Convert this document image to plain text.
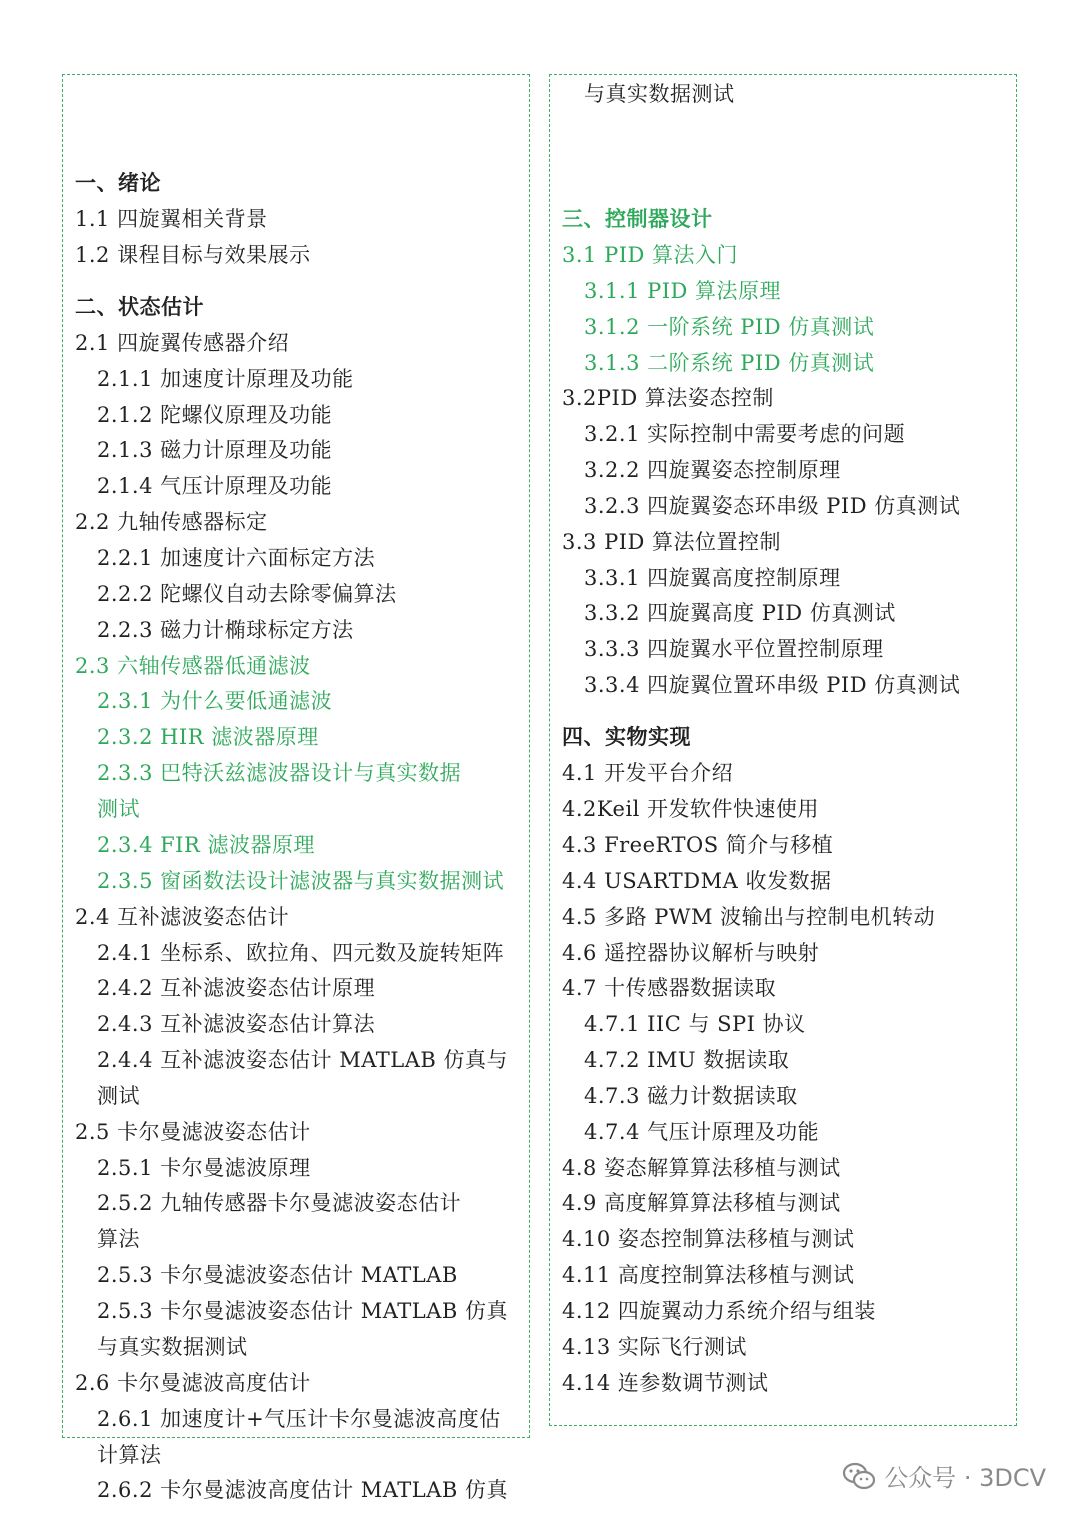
一、绪论
1.1 四旋翼相关背景
1.2 课程目标与效果展示
二、状态估计
2.1 四旋翼传感器介绍
2.1.1 加速度计原理及功能
2.1.2 陀螺仪原理及功能
2.1.3 磁力计原理及功能
2.1.4 气压计原理及功能
2.2 九轴传感器标定
2.2.1 加速度计六面标定方法
2.2.2 陀螺仪自动去除零偏算法
2.2.3 磁力计椭球标定方法
2.3 六轴传感器低通滤波
2.3.1 为什么要低通滤波
2.3.2 HIR 滤波器原理
2.3.3 巴特沃兹滤波器设计与真实数据
测试
2.3.4 FIR 滤波器原理
2.3.5 窗函数法设计滤波器与真实数据测试
2.4 互补滤波姿态估计
2.4.1 坐标系、欧拉角、四元数及旋转矩阵
2.4.2 互补滤波姿态估计原理
2.4.3 互补滤波姿态估计算法
2.4.4 互补滤波姿态估计 MATLAB 仿真与
测试
2.5 卡尔曼滤波姿态估计
2.5.1 卡尔曼滤波原理
2.5.2 九轴传感器卡尔曼滤波姿态估计
算法
2.5.3 卡尔曼滤波姿态估计 MATLAB
2.5.3 卡尔曼滤波姿态估计 MATLAB 仿真
与真实数据测试
2.6 卡尔曼滤波高度估计
2.6.1 加速度计+气压计卡尔曼滤波高度估
计算法
2.6.2 卡尔曼滤波高度估计 MATLAB 仿真
与真实数据测试
三、控制器设计
3.1 PID 算法入门
3.1.1 PID 算法原理
3.1.2 一阶系统 PID 仿真测试
3.1.3 二阶系统 PID 仿真测试
3.2PID 算法姿态控制
3.2.1 实际控制中需要考虑的问题
3.2.2 四旋翼姿态控制原理
3.2.3 四旋翼姿态环串级 PID 仿真测试
3.3 PID 算法位置控制
3.3.1 四旋翼高度控制原理
3.3.2 四旋翼高度 PID 仿真测试
3.3.3 四旋翼水平位置控制原理
3.3.4 四旋翼位置环串级 PID 仿真测试
四、实物实现
4.1 开发平台介绍
4.2Keil 开发软件快速使用
4.3 FreeRTOS 简介与移植
4.4 USARTDMA 收发数据
4.5 多路 PWM 波输出与控制电机转动
4.6 遥控器协议解析与映射
4.7 十传感器数据读取
4.7.1 IIC 与 SPI 协议
4.7.2 IMU 数据读取
4.7.3 磁力计数据读取
4.7.4 气压计原理及功能
4.8 姿态解算算法移植与测试
4.9 高度解算算法移植与测试
4.10 姿态控制算法移植与测试
4.11 高度控制算法移植与测试
4.12 四旋翼动力系统介绍与组装
4.13 实际飞行测试
4.14 连参数调节测试
公众号 · 3DCV
